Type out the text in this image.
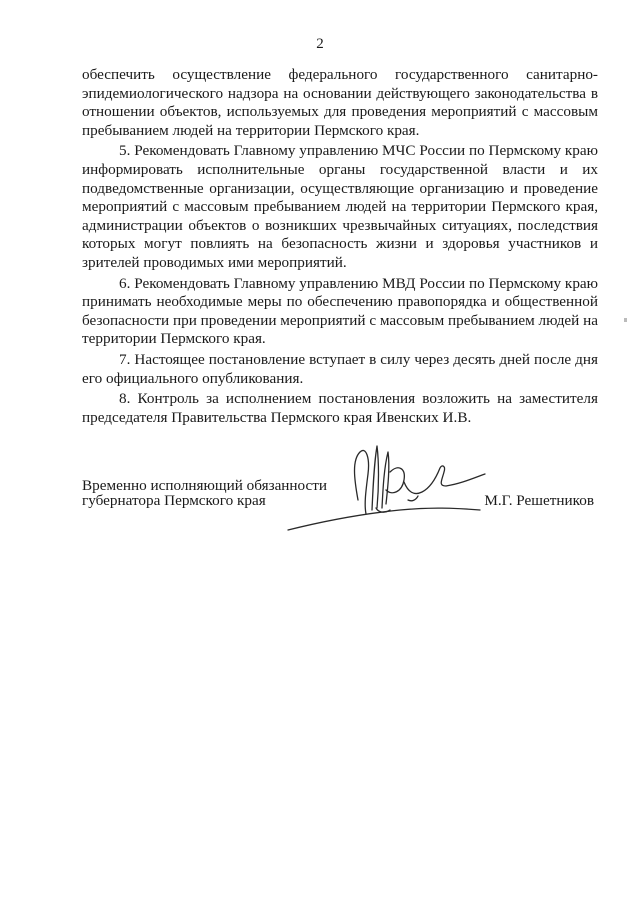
2

обеспечить осуществление федерального государственного санитарно-эпидемиологического надзора на основании действующего законодательства в отношении объектов, используемых для проведения мероприятий с массовым пребыванием людей на территории Пермского края.

5. Рекомендовать Главному управлению МЧС России по Пермскому краю информировать исполнительные органы государственной власти и их подведомственные организации, осуществляющие организацию и проведение мероприятий с массовым пребыванием людей на территории Пермского края, администрации объектов о возникших чрезвычайных ситуациях, последствия которых могут повлиять на безопасность жизни и здоровья участников и зрителей проводимых ими мероприятий.

6. Рекомендовать Главному управлению МВД России по Пермскому краю принимать необходимые меры по обеспечению правопорядка и общественной безопасности при проведении мероприятий с массовым пребыванием людей на территории Пермского края.

7. Настоящее постановление вступает в силу через десять дней после дня его официального опубликования.

8. Контроль за исполнением постановления возложить на заместителя председателя Правительства Пермского края Ивенских И.В.

Временно исполняющий обязанности
губернатора Пермского края	М.Г. Решетников
